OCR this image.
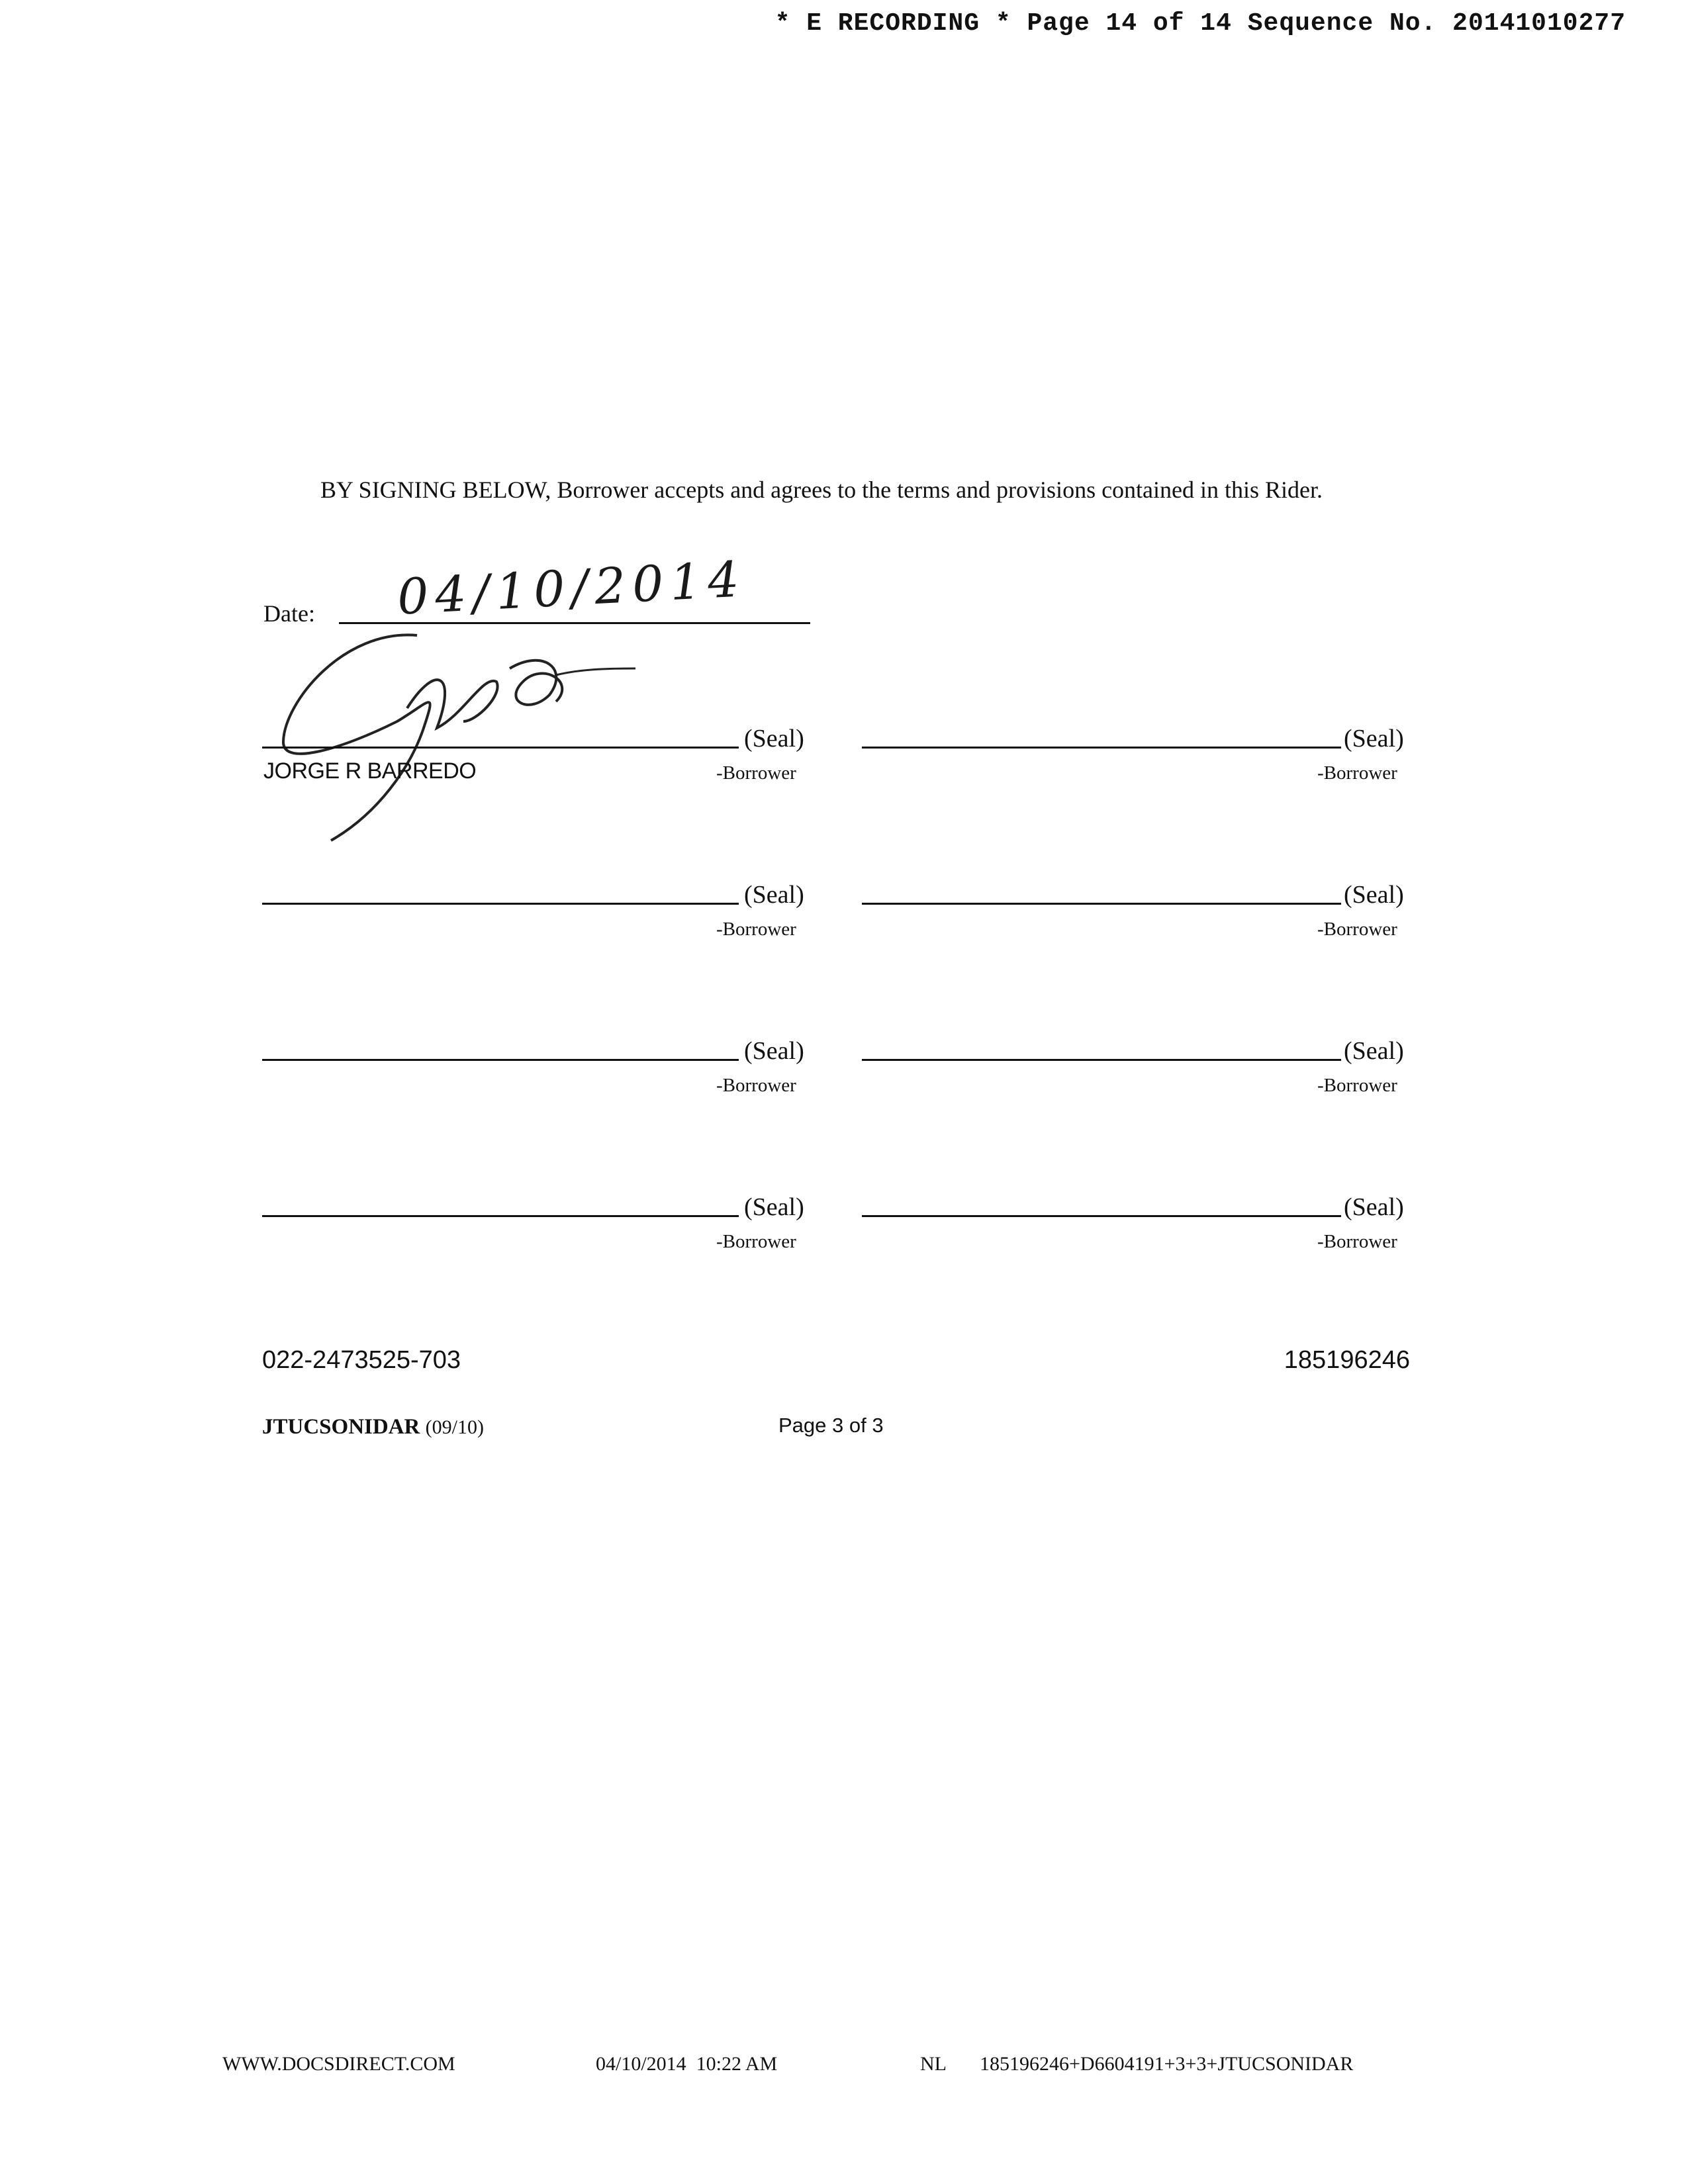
* E RECORDING * Page 14 of 14 Sequence No. 20141010277
BY SIGNING BELOW, Borrower accepts and agrees to the terms and provisions contained in this Rider.
Date: 04/10/2014
JORGE R BARREDO
(Seal)
-Borrower
(Seal)
-Borrower
(Seal)
-Borrower
(Seal)
-Borrower
(Seal)
-Borrower
(Seal)
-Borrower
(Seal)
-Borrower
(Seal)
-Borrower
022-2473525-703	185196246
JTUCSONIDAR (09/10)	Page 3 of 3
WWW.DOCSDIRECT.COM	04/10/2014  10:22 AM	NL 185196246+D6604191+3+3+JTUCSONIDAR
